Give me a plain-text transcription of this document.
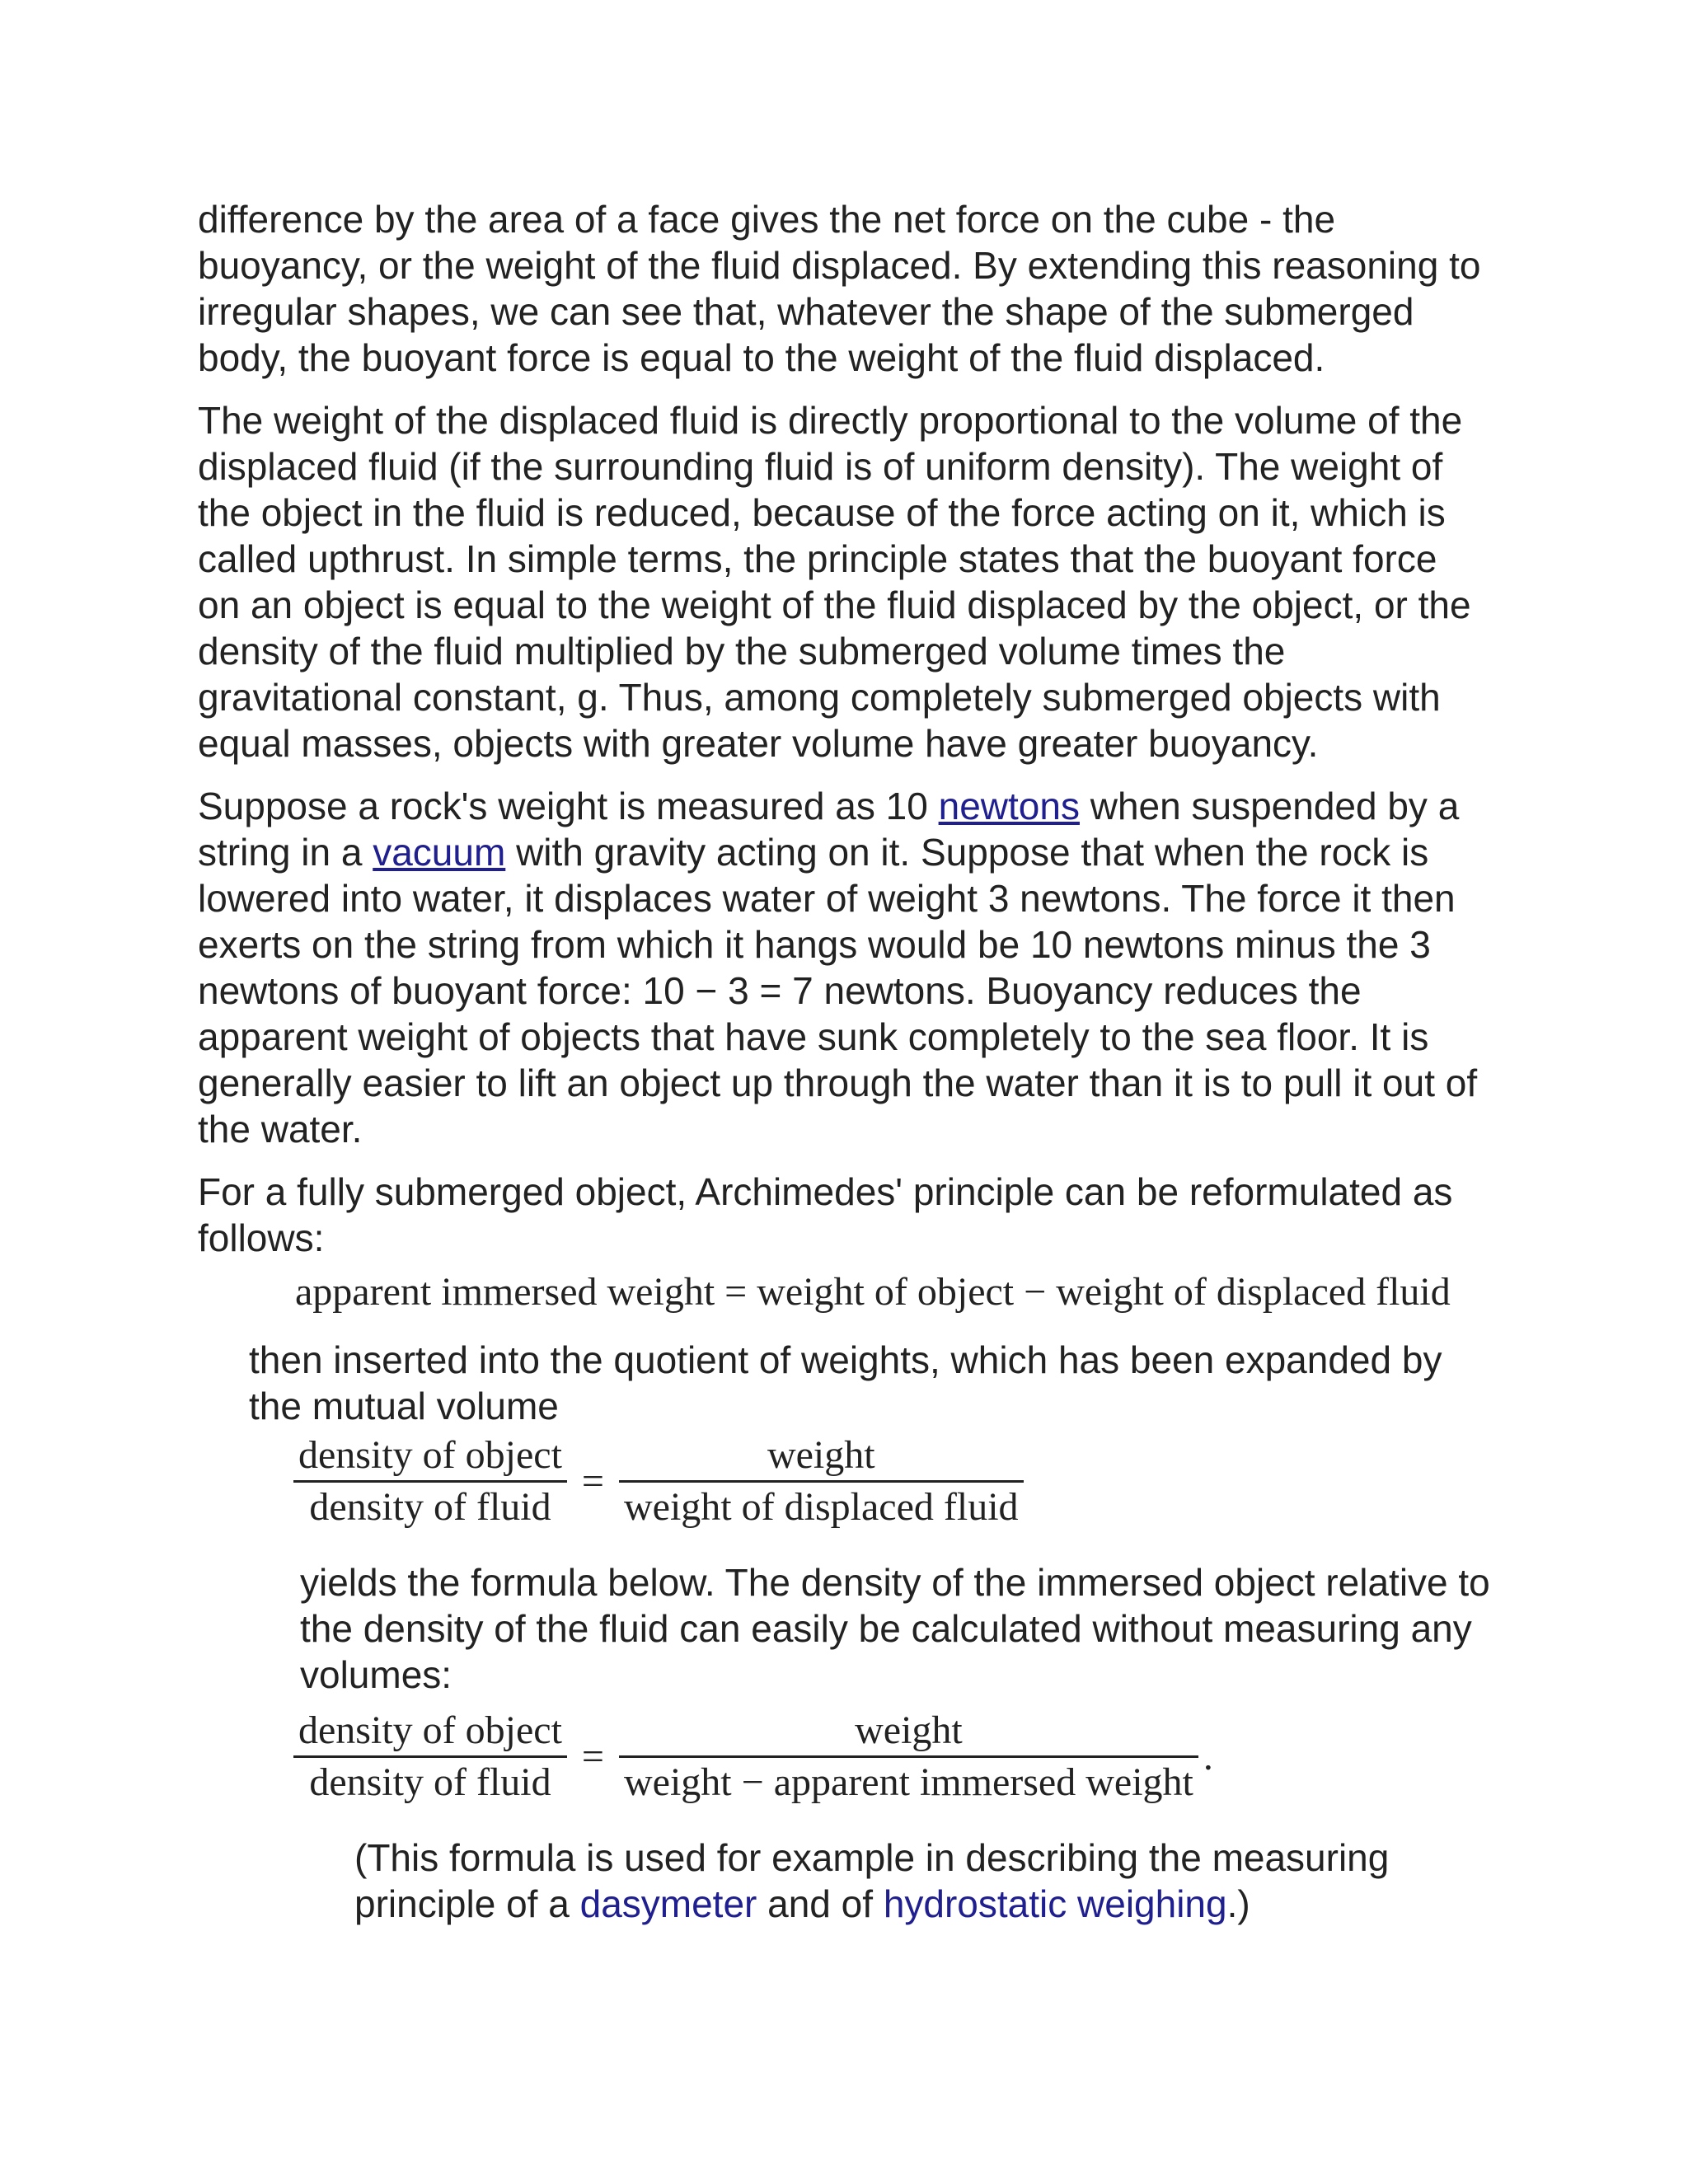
difference by the area of a face gives the net force on the cube - the buoyancy, or the weight of the fluid displaced. By extending this reasoning to irregular shapes, we can see that, whatever the shape of the submerged body, the buoyant force is equal to the weight of the fluid displaced.

The weight of the displaced fluid is directly proportional to the volume of the displaced fluid (if the surrounding fluid is of uniform density). The weight of the object in the fluid is reduced, because of the force acting on it, which is called upthrust. In simple terms, the principle states that the buoyant force on an object is equal to the weight of the fluid displaced by the object, or the density of the fluid multiplied by the submerged volume times the gravitational constant, g. Thus, among completely submerged objects with equal masses, objects with greater volume have greater buoyancy.

Suppose a rock's weight is measured as 10 newtons when suspended by a string in a vacuum with gravity acting on it. Suppose that when the rock is lowered into water, it displaces water of weight 3 newtons. The force it then exerts on the string from which it hangs would be 10 newtons minus the 3 newtons of buoyant force: 10 − 3 = 7 newtons. Buoyancy reduces the apparent weight of objects that have sunk completely to the sea floor. It is generally easier to lift an object up through the water than it is to pull it out of the water.

For a fully submerged object, Archimedes' principle can be reformulated as follows:

apparent immersed weight = weight of object − weight of displaced fluid

then inserted into the quotient of weights, which has been expanded by the mutual volume

$\frac{\text{density of object}}{\text{density of fluid}} = \frac{\text{weight}}{\text{weight of displaced fluid}}$

yields the formula below. The density of the immersed object relative to the density of the fluid can easily be calculated without measuring any volumes:

$\frac{\text{density of object}}{\text{density of fluid}} = \frac{\text{weight}}{\text{weight − apparent immersed weight}}$ .

(This formula is used for example in describing the measuring principle of a dasymeter and of hydrostatic weighing.)
